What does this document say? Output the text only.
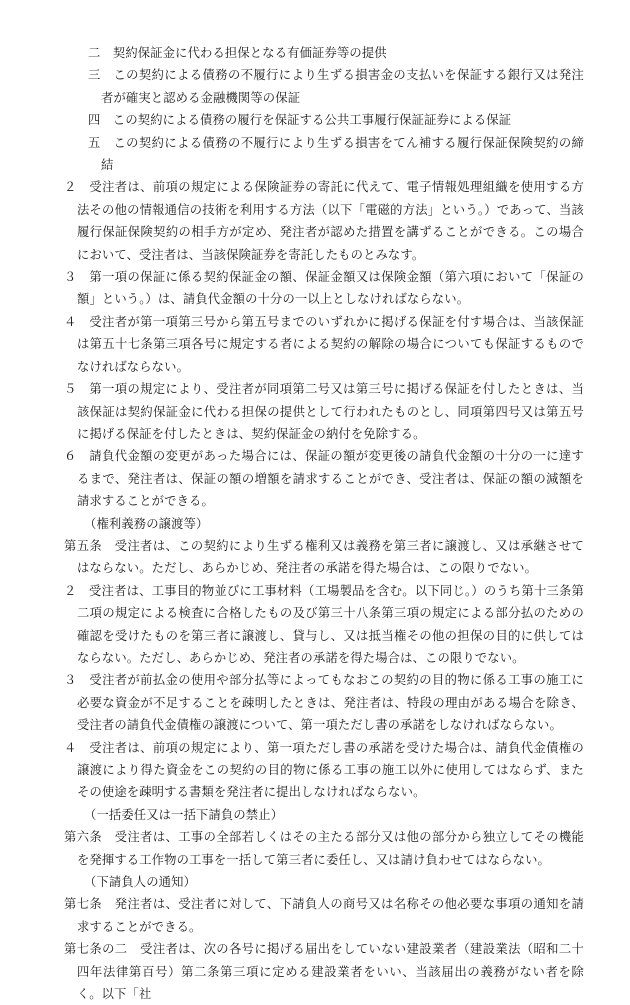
二　契約保証金に代わる担保となる有価証券等の提供

三　この契約による債務の不履行により生ずる損害金の支払いを保証する銀行又は発注者が確実と認める金融機関等の保証

四　この契約による債務の履行を保証する公共工事履行保証証券による保証

五　この契約による債務の不履行により生ずる損害をてん補する履行保証保険契約の締結

２　受注者は、前項の規定による保険証券の寄託に代えて、電子情報処理組織を使用する方法その他の情報通信の技術を利用する方法（以下「電磁的方法」という。）であって、当該履行保証保険契約の相手方が定め、発注者が認めた措置を講ずることができる。この場合において、受注者は、当該保険証券を寄託したものとみなす。

３　第一項の保証に係る契約保証金の額、保証金額又は保険金額（第六項において「保証の額」という。）は、請負代金額の十分の一以上としなければならない。

４　受注者が第一項第三号から第五号までのいずれかに掲げる保証を付す場合は、当該保証は第五十七条第三項各号に規定する者による契約の解除の場合についても保証するものでなければならない。

５　第一項の規定により、受注者が同項第二号又は第三号に掲げる保証を付したときは、当該保証は契約保証金に代わる担保の提供として行われたものとし、同項第四号又は第五号に掲げる保証を付したときは、契約保証金の納付を免除する。

６　請負代金額の変更があった場合には、保証の額が変更後の請負代金額の十分の一に達するまで、発注者は、保証の額の増額を請求することができ、受注者は、保証の額の減額を請求することができる。

（権利義務の譲渡等）

第五条　受注者は、この契約により生ずる権利又は義務を第三者に譲渡し、又は承継させてはならない。ただし、あらかじめ、発注者の承諾を得た場合は、この限りでない。

２　受注者は、工事目的物並びに工事材料（工場製品を含む。以下同じ。）のうち第十三条第二項の規定による検査に合格したもの及び第三十八条第三項の規定による部分払のための確認を受けたものを第三者に譲渡し、貸与し、又は抵当権その他の担保の目的に供してはならない。ただし、あらかじめ、発注者の承諾を得た場合は、この限りでない。

３　受注者が前払金の使用や部分払等によってもなおこの契約の目的物に係る工事の施工に必要な資金が不足することを疎明したときは、発注者は、特段の理由がある場合を除き、受注者の請負代金債権の譲渡について、第一項ただし書の承諾をしなければならない。

４　受注者は、前項の規定により、第一項ただし書の承諾を受けた場合は、請負代金債権の譲渡により得た資金をこの契約の目的物に係る工事の施工以外に使用してはならず、またその使途を疎明する書類を発注者に提出しなければならない。

（一括委任又は一括下請負の禁止）

第六条　受注者は、工事の全部若しくはその主たる部分又は他の部分から独立してその機能を発揮する工作物の工事を一括して第三者に委任し、又は請け負わせてはならない。

（下請負人の通知）

第七条　発注者は、受注者に対して、下請負人の商号又は名称その他必要な事項の通知を請求することができる。

第七条の二　受注者は、次の各号に掲げる届出をしていない建設業者（建設業法（昭和二十四年法律第百号）第二条第三項に定める建設業者をいい、当該届出の義務がない者を除く。以下「社
